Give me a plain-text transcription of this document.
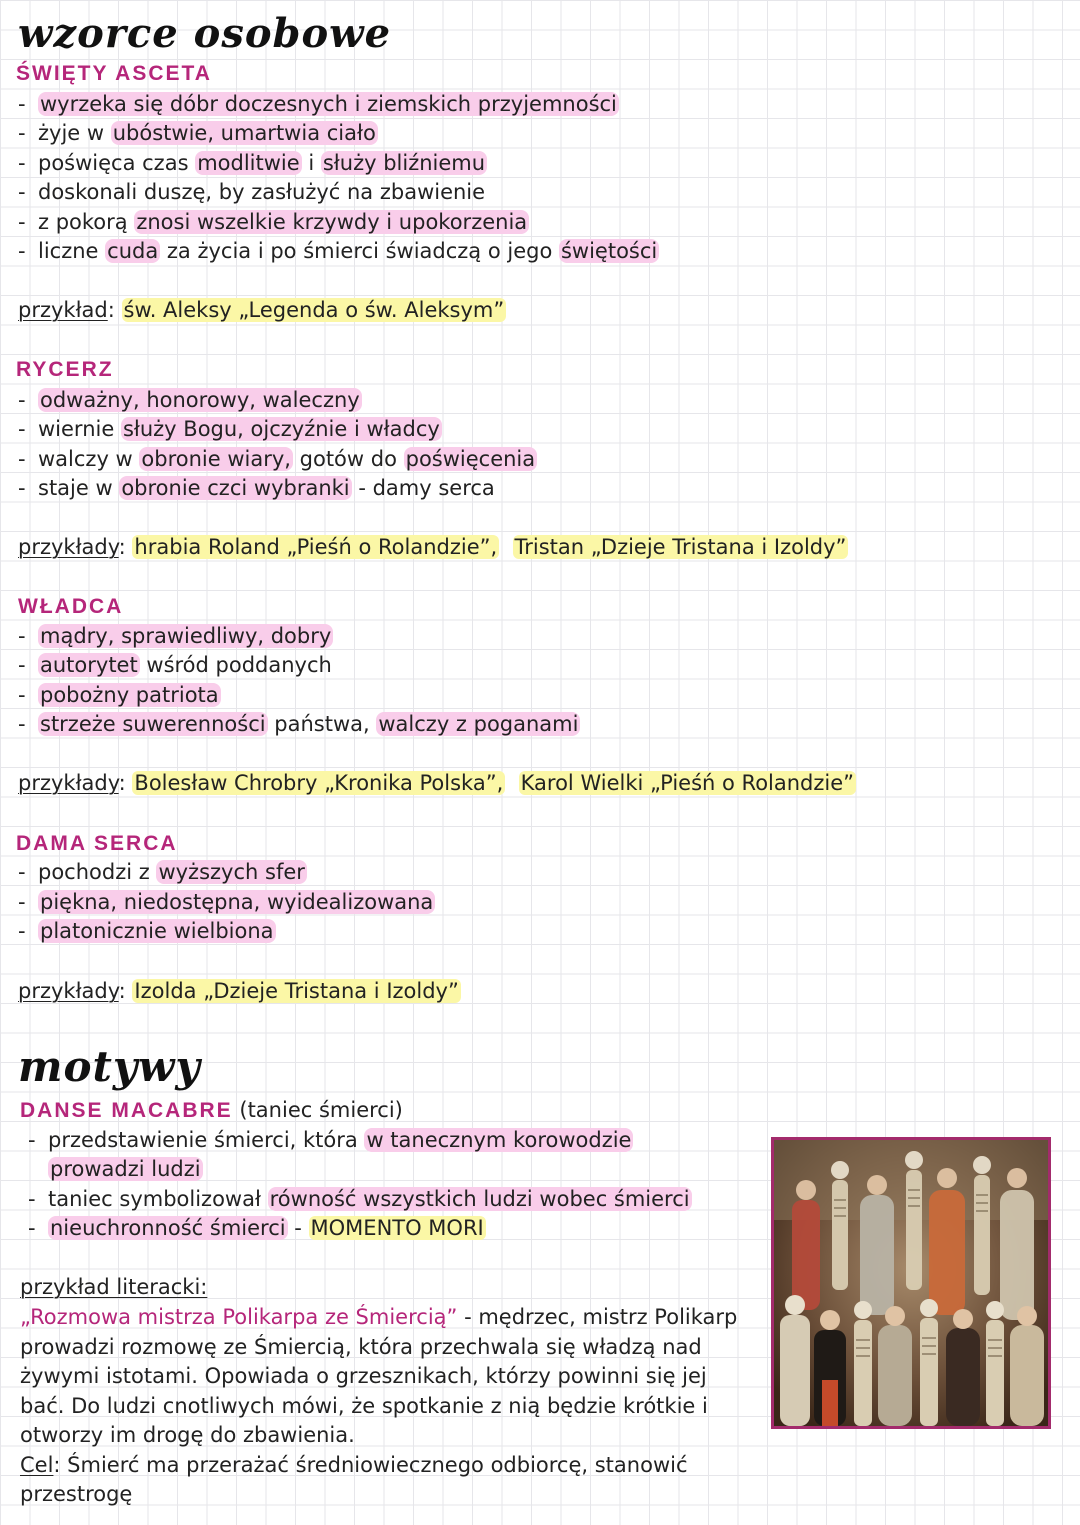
wzorce osobowe
ŚWIĘTY ASCETA
- wyrzeka się dóbr doczesnych i ziemskich przyjemności
- żyje w ubóstwie, umartwia ciało
- poświęca czas modlitwie i służy bliźniemu
- doskonali duszę, by zasłużyć na zbawienie
- z pokorą znosi wszelkie krzywdy i upokorzenia
- liczne cuda za życia i po śmierci świadczą o jego świętości
przykład: św. Aleksy „Legenda o św. Aleksym”
RYCERZ
- odważny, honorowy, waleczny
- wiernie służy Bogu, ojczyźnie i władcy
- walczy w obronie wiary, gotów do poświęcenia
- staje w obronie czci wybranki - damy serca
przykłady: hrabia Roland „Pieśń o Rolandzie”, Tristan „Dzieje Tristana i Izoldy”
WŁADCA
- mądry, sprawiedliwy, dobry
- autorytet wśród poddanych
- pobożny patriota
- strzeże suwerenności państwa, walczy z poganami
przykłady: Bolesław Chrobry „Kronika Polska”, Karol Wielki „Pieśń o Rolandzie”
DAMA SERCA
- pochodzi z wyższych sfer
- piękna, niedostępna, wyidealizowana
- platonicznie wielbiona
przykłady: Izolda „Dzieje Tristana i Izoldy”
motywy
DANSE MACABRE (taniec śmierci)
- przedstawienie śmierci, która w tanecznym korowodzie
prowadzi ludzi
- taniec symbolizował równość wszystkich ludzi wobec śmierci
- nieuchronność śmierci - MOMENTO MORI
przykład literacki:
„Rozmowa mistrza Polikarpa ze Śmiercią” - mędrzec, mistrz Polikarp
prowadzi rozmowę ze Śmiercią, która przechwala się władzą nad
żywymi istotami. Opowiada o grzesznikach, którzy powinni się jej
bać. Do ludzi cnotliwych mówi, że spotkanie z nią będzie krótkie i
otworzy im drogę do zbawienia.
Cel: Śmierć ma przerażać średniowiecznego odbiorcę, stanowić
przestrogę
